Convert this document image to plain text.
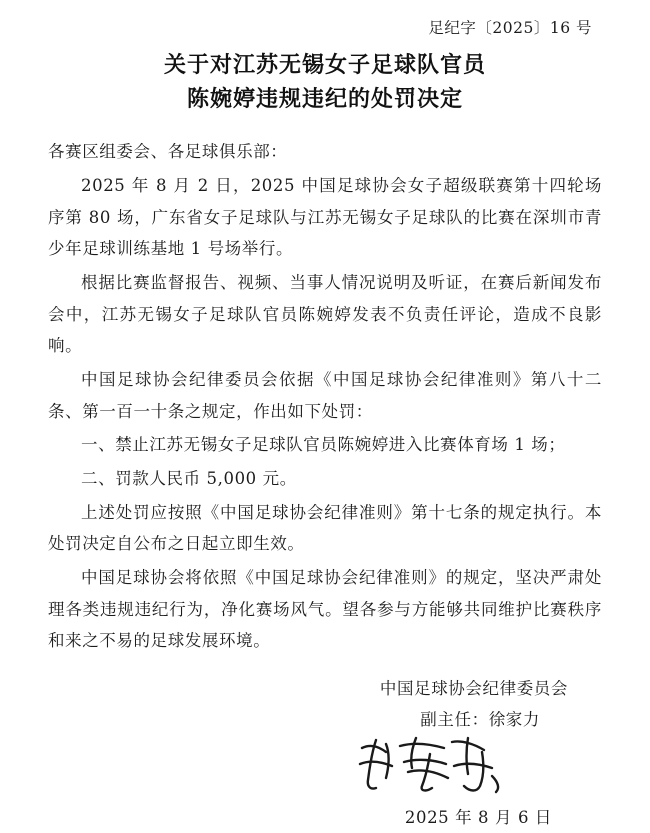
足纪字〔2025〕16 号
关于对江苏无锡女子足球队官员
陈婉婷违规违纪的处罚决定

各赛区组委会、各足球俱乐部：

2025 年 8 月 2 日，2025 中国足球协会女子超级联赛第十四轮场序第 80 场，广东省女子足球队与江苏无锡女子足球队的比赛在深圳市青少年足球训练基地 1 号场举行。

根据比赛监督报告、视频、当事人情况说明及听证，在赛后新闻发布会中，江苏无锡女子足球队官员陈婉婷发表不负责任评论，造成不良影响。

中国足球协会纪律委员会依据《中国足球协会纪律准则》第八十二条、第一百一十条之规定，作出如下处罚：

一、禁止江苏无锡女子足球队官员陈婉婷进入比赛体育场 1 场；

二、罚款人民币 5,000 元。

上述处罚应按照《中国足球协会纪律准则》第十七条的规定执行。本处罚决定自公布之日起立即生效。

中国足球协会将依照《中国足球协会纪律准则》的规定，坚决严肃处理各类违规违纪行为，净化赛场风气。望各参与方能够共同维护比赛秩序和来之不易的足球发展环境。

中国足球协会纪律委员会
副主任：徐家力
2025 年 8 月 6 日
